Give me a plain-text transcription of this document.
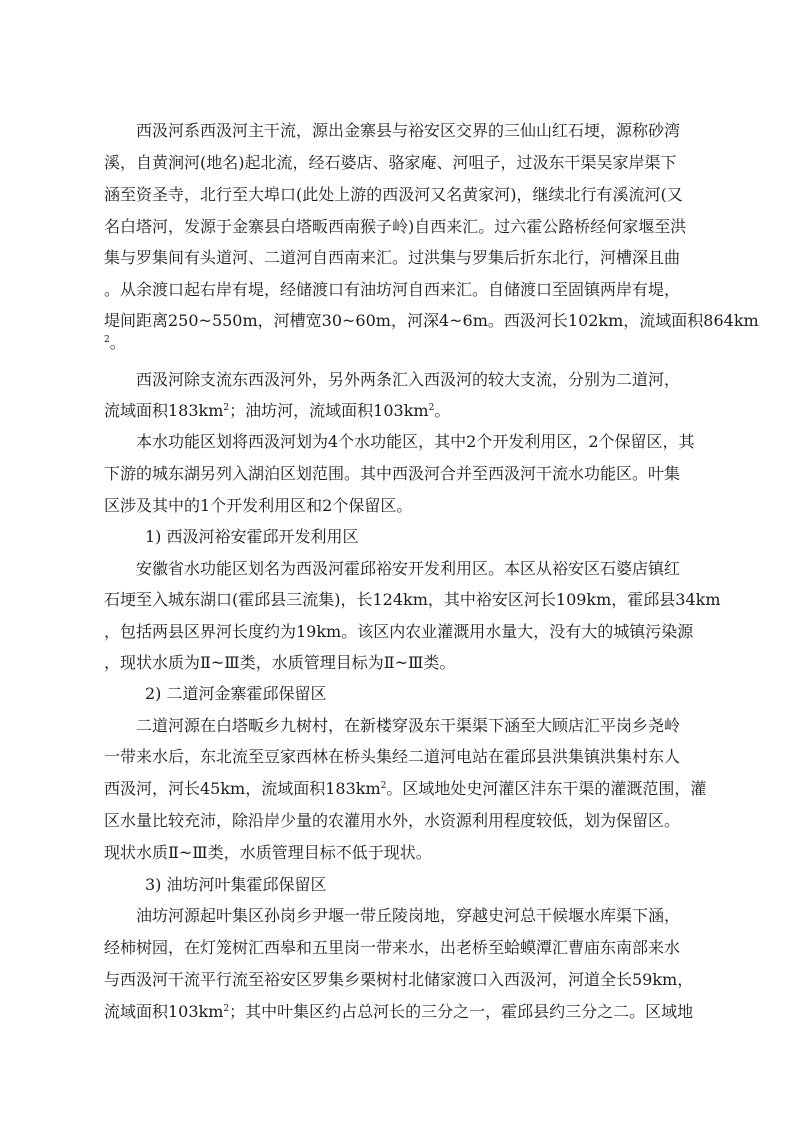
西汲河系西汲河主干流，源出金寨县与裕安区交界的三仙山红石埂，源称砂湾
溪，自黄涧河(地名)起北流，经石婆店、骆家庵、河咀子，过汲东干渠吴家岸渠下
涵至资圣寺，北行至大埠口(此处上游的西汲河又名黄家河)，继续北行有溪流河(又
名白塔河，发源于金寨县白塔畈西南猴子岭)自西来汇。过六霍公路桥经何家堰至洪
集与罗集间有头道河、二道河自西南来汇。过洪集与罗集后折东北行，河槽深且曲
。从余渡口起右岸有堤，经储渡口有油坊河自西来汇。自储渡口至固镇两岸有堤，
堤间距离250~550m，河槽宽30~60m，河深4~6m。西汲河长102km，流域面积864km
$^2$。
西汲河除支流东西汲河外，另外两条汇入西汲河的较大支流，分别为二道河，
流域面积$183km^2$；油坊河，流域面积$103km^2$。
本水功能区划将西汲河划为4个水功能区，其中2个开发利用区，2个保留区，其
下游的城东湖另列入湖泊区划范围。其中西汲河合并至西汲河干流水功能区。叶集
区涉及其中的1个开发利用区和2个保留区。
1) 西汲河裕安霍邱开发利用区
安徽省水功能区划名为西汲河霍邱裕安开发利用区。本区从裕安区石婆店镇红
石埂至入城东湖口(霍邱县三流集)，长124km，其中裕安区河长109km，霍邱县34km
，包括两县区界河长度约为19km。该区内农业灌溉用水量大，没有大的城镇污染源
，现状水质为Ⅱ~Ⅲ类，水质管理目标为Ⅱ~Ⅲ类。
2) 二道河金寨霍邱保留区
二道河源在白塔畈乡九树村，在新楼穿汲东干渠渠下涵至大顾店汇平岗乡尧岭
一带来水后，东北流至豆家西林在桥头集经二道河电站在霍邱县洪集镇洪集村东人
西汲河，河长45km，流域面积$183km^2$。区域地处史河灌区沣东干渠的灌溉范围，灌
区水量比较充沛，除沿岸少量的农灌用水外，水资源利用程度较低，划为保留区。
现状水质Ⅱ~Ⅲ类，水质管理目标不低于现状。
3) 油坊河叶集霍邱保留区
油坊河源起叶集区孙岗乡尹堰一带丘陵岗地，穿越史河总干候堰水库渠下涵，
经柿树园，在灯笼树汇西皋和五里岗一带来水，出老桥至蛤蟆潭汇曹庙东南部来水
与西汲河干流平行流至裕安区罗集乡栗树村北储家渡口入西汲河，河道全长59km，
流域面积$103km^2$；其中叶集区约占总河长的三分之一，霍邱县约三分之二。区域地
